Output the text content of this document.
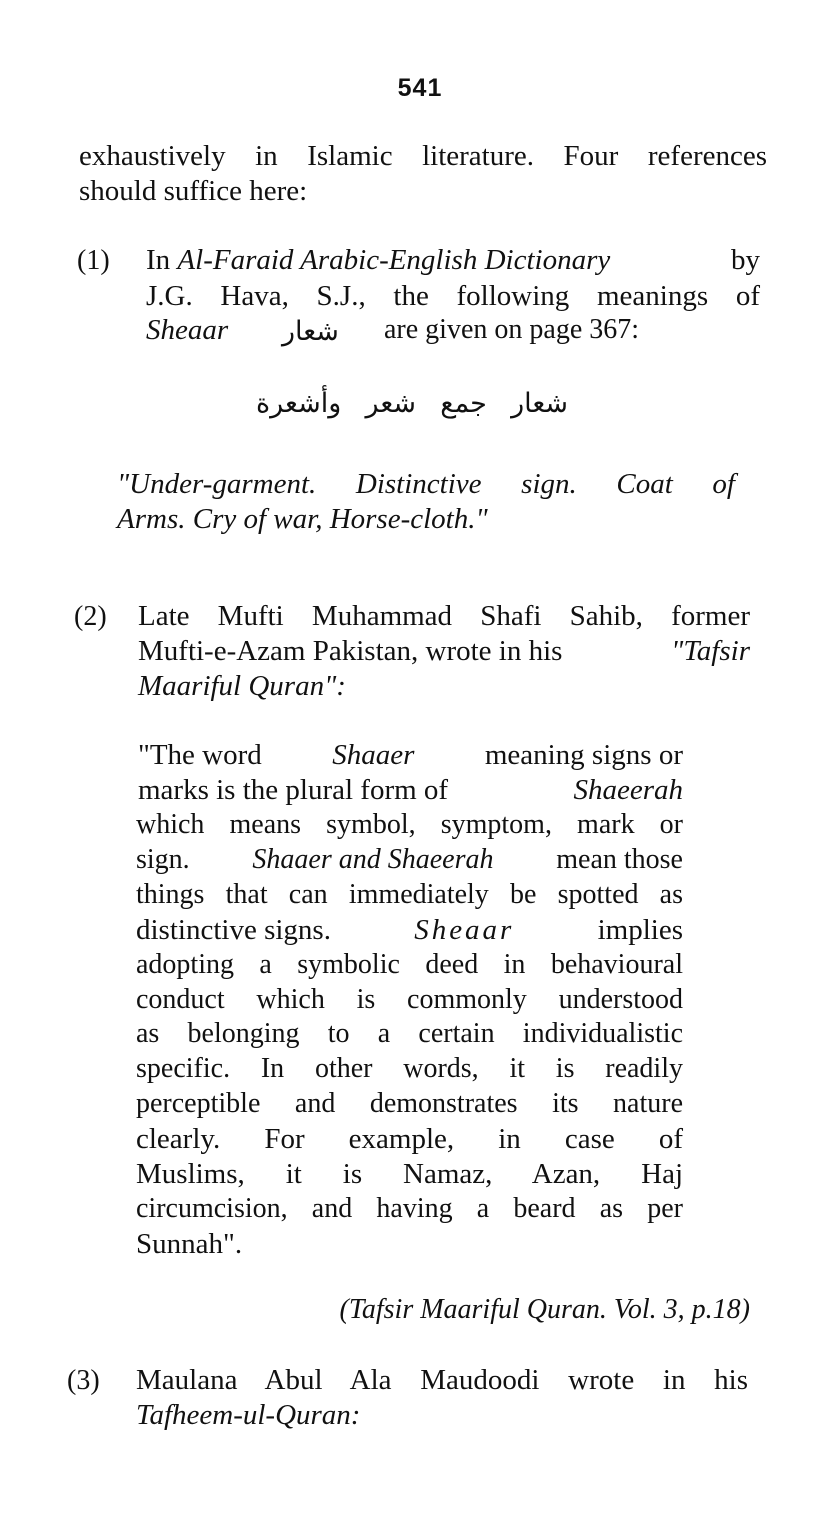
541
exhaustively in Islamic literature. Four references
should suffice here:
(1) In Al-Faraid Arabic-English Dictionary	by
J.G. Hava, S.J., the following meanings of
Sheaar شعار are given on page 367:
شعار
جمع
شعر
وأشعرة
"Under-garment. Distinctive sign. Coat of
Arms. Cry of war, Horse-cloth."
(2) Late Mufti Muhammad Shafi Sahib, former
Mufti-e-Azam Pakistan, wrote in his	"Tafsir
Maariful Quran":
"The word Shaaer meaning signs or
marks is the plural form of	Shaeerah
which means symbol, symptom, mark or
sign. Shaaer and Shaeerah mean those
things that can immediately be spotted as
distinctive signs.	Sheaar	implies
adopting a symbolic deed in behavioural
conduct which is commonly understood
as belonging to a certain individualistic
specific. In other words, it is readily
perceptible and demonstrates its nature
clearly. For example, in case of
Muslims, it is Namaz, Azan, Haj
circumcision, and having a beard as per
Sunnah".
(Tafsir Maariful Quran. Vol. 3, p.18)
(3) Maulana Abul Ala Maudoodi wrote in his
Tafheem-ul-Quran:
